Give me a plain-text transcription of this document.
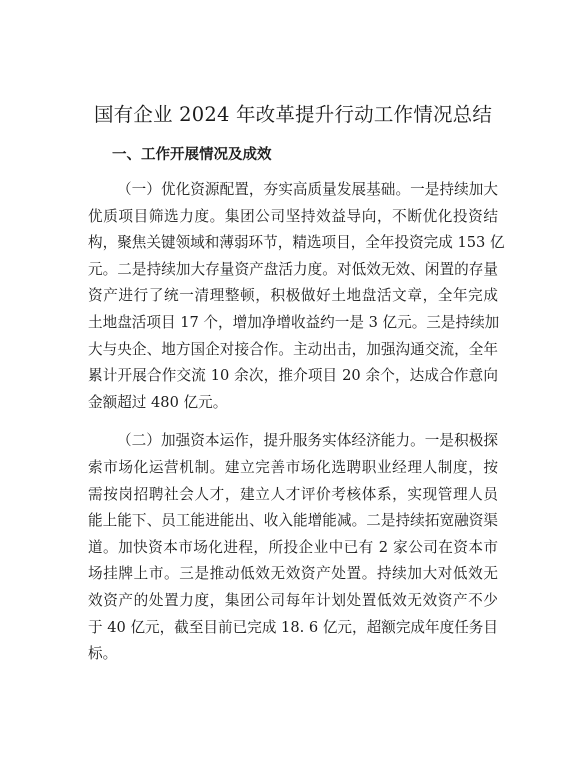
国有企业 2024 年改革提升行动工作情况总结
一、工作开展情况及成效
（一）优化资源配置，夯实高质量发展基础。一是持续加大
优质项目筛选力度。集团公司坚持效益导向，不断优化投资结
构，聚焦关键领域和薄弱环节，精选项目，全年投资完成 153 亿
元。二是持续加大存量资产盘活力度。对低效无效、闲置的存量
资产进行了统一清理整顿，积极做好土地盘活文章，全年完成
土地盘活项目 17 个，增加净增收益约一是 3 亿元。三是持续加
大与央企、地方国企对接合作。主动出击，加强沟通交流，全年
累计开展合作交流 10 余次，推介项目 20 余个，达成合作意向
金额超过 480 亿元。
（二）加强资本运作，提升服务实体经济能力。一是积极探
索市场化运营机制。建立完善市场化选聘职业经理人制度，按
需按岗招聘社会人才，建立人才评价考核体系，实现管理人员
能上能下、员工能进能出、收入能增能减。二是持续拓宽融资渠
道。加快资本市场化进程，所投企业中已有 2 家公司在资本市
场挂牌上市。三是推动低效无效资产处置。持续加大对低效无
效资产的处置力度，集团公司每年计划处置低效无效资产不少
于 40 亿元，截至目前已完成 18. 6 亿元，超额完成年度任务目
标。
